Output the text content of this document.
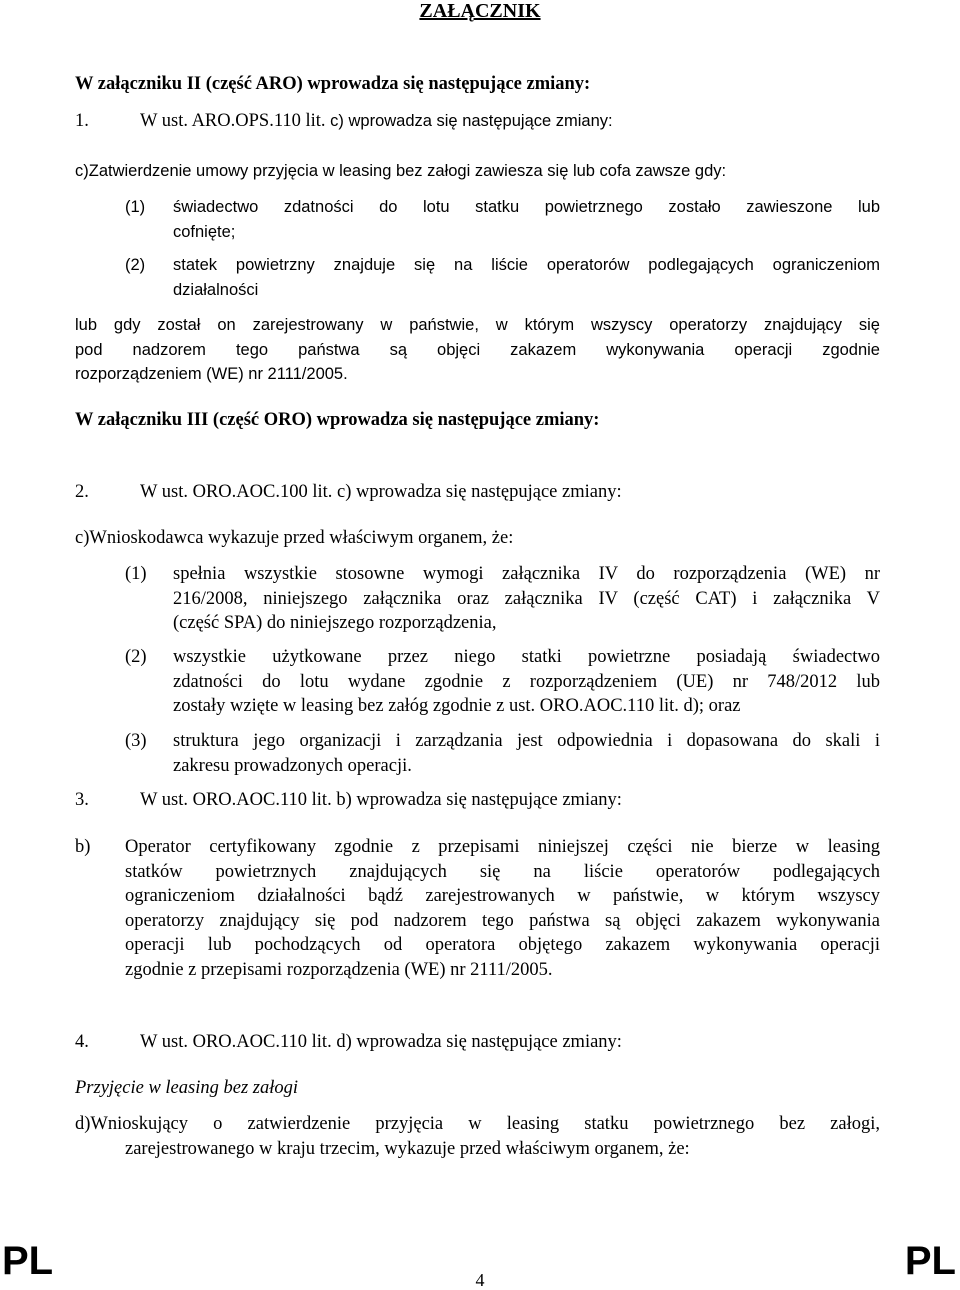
ZAŁĄCZNIK
W załączniku II (część ARO) wprowadza się następujące zmiany:
1.	W ust. ARO.OPS.110 lit. c) wprowadza się następujące zmiany:
c)Zatwierdzenie umowy przyjęcia w leasing bez załogi zawiesza się lub cofa zawsze gdy:
(1) świadectwo zdatności do lotu statku powietrznego zostało zawieszone lub
cofnięte;
(2) statek powietrzny znajduje się na liście operatorów podlegających ograniczeniom
działalności
lub gdy został on zarejestrowany w państwie, w którym wszyscy operatorzy znajdujący się
pod nadzorem tego państwa są objęci zakazem wykonywania operacji zgodnie
rozporządzeniem (WE) nr 2111/2005.
W załączniku III (część ORO) wprowadza się następujące zmiany:
2.	W ust. ORO.AOC.100 lit. c) wprowadza się następujące zmiany:
c)Wnioskodawca wykazuje przed właściwym organem, że:
(1) spełnia wszystkie stosowne wymogi załącznika IV do rozporządzenia (WE) nr
216/2008, niniejszego załącznika oraz załącznika IV (część CAT) i załącznika V
(część SPA) do niniejszego rozporządzenia,
(2) wszystkie użytkowane przez niego statki powietrzne posiadają świadectwo
zdatności do lotu wydane zgodnie z rozporządzeniem (UE) nr 748/2012 lub
zostały wzięte w leasing bez załóg zgodnie z ust. ORO.AOC.110 lit. d); oraz
(3) struktura jego organizacji i zarządzania jest odpowiednia i dopasowana do skali i
zakresu prowadzonych operacji.
3.	W ust. ORO.AOC.110 lit. b) wprowadza się następujące zmiany:
b) Operator certyfikowany zgodnie z przepisami niniejszej części nie bierze w leasing
statków powietrznych znajdujących się na liście operatorów podlegających
ograniczeniom działalności bądź zarejestrowanych w państwie, w którym wszyscy
operatorzy znajdujący się pod nadzorem tego państwa są objęci zakazem wykonywania
operacji lub pochodzących od operatora objętego zakazem wykonywania operacji
zgodnie z przepisami rozporządzenia (WE) nr 2111/2005.
4.	W ust. ORO.AOC.110 lit. d) wprowadza się następujące zmiany:
Przyjęcie w leasing bez załogi
d)Wnioskujący o zatwierdzenie przyjęcia w leasing statku powietrznego bez załogi,
zarejestrowanego w kraju trzecim, wykazuje przed właściwym organem, że:
PL	PL
4
